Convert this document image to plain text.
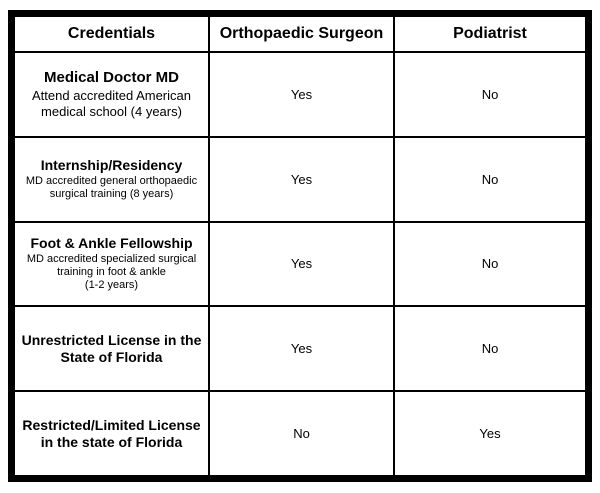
Credentials	Orthopaedic Surgeon	Podiatrist

Medical Doctor MD
Attend accredited American
medical school (4 years)	Yes	No

Internship/Residency
MD accredited general orthopaedic
surgical training (8 years)	Yes	No

Foot & Ankle Fellowship
MD accredited specialized surgical
training in foot & ankle
(1-2 years)	Yes	No

Unrestricted License in the
State of Florida	Yes	No

Restricted/Limited License
in the state of Florida	No	Yes
